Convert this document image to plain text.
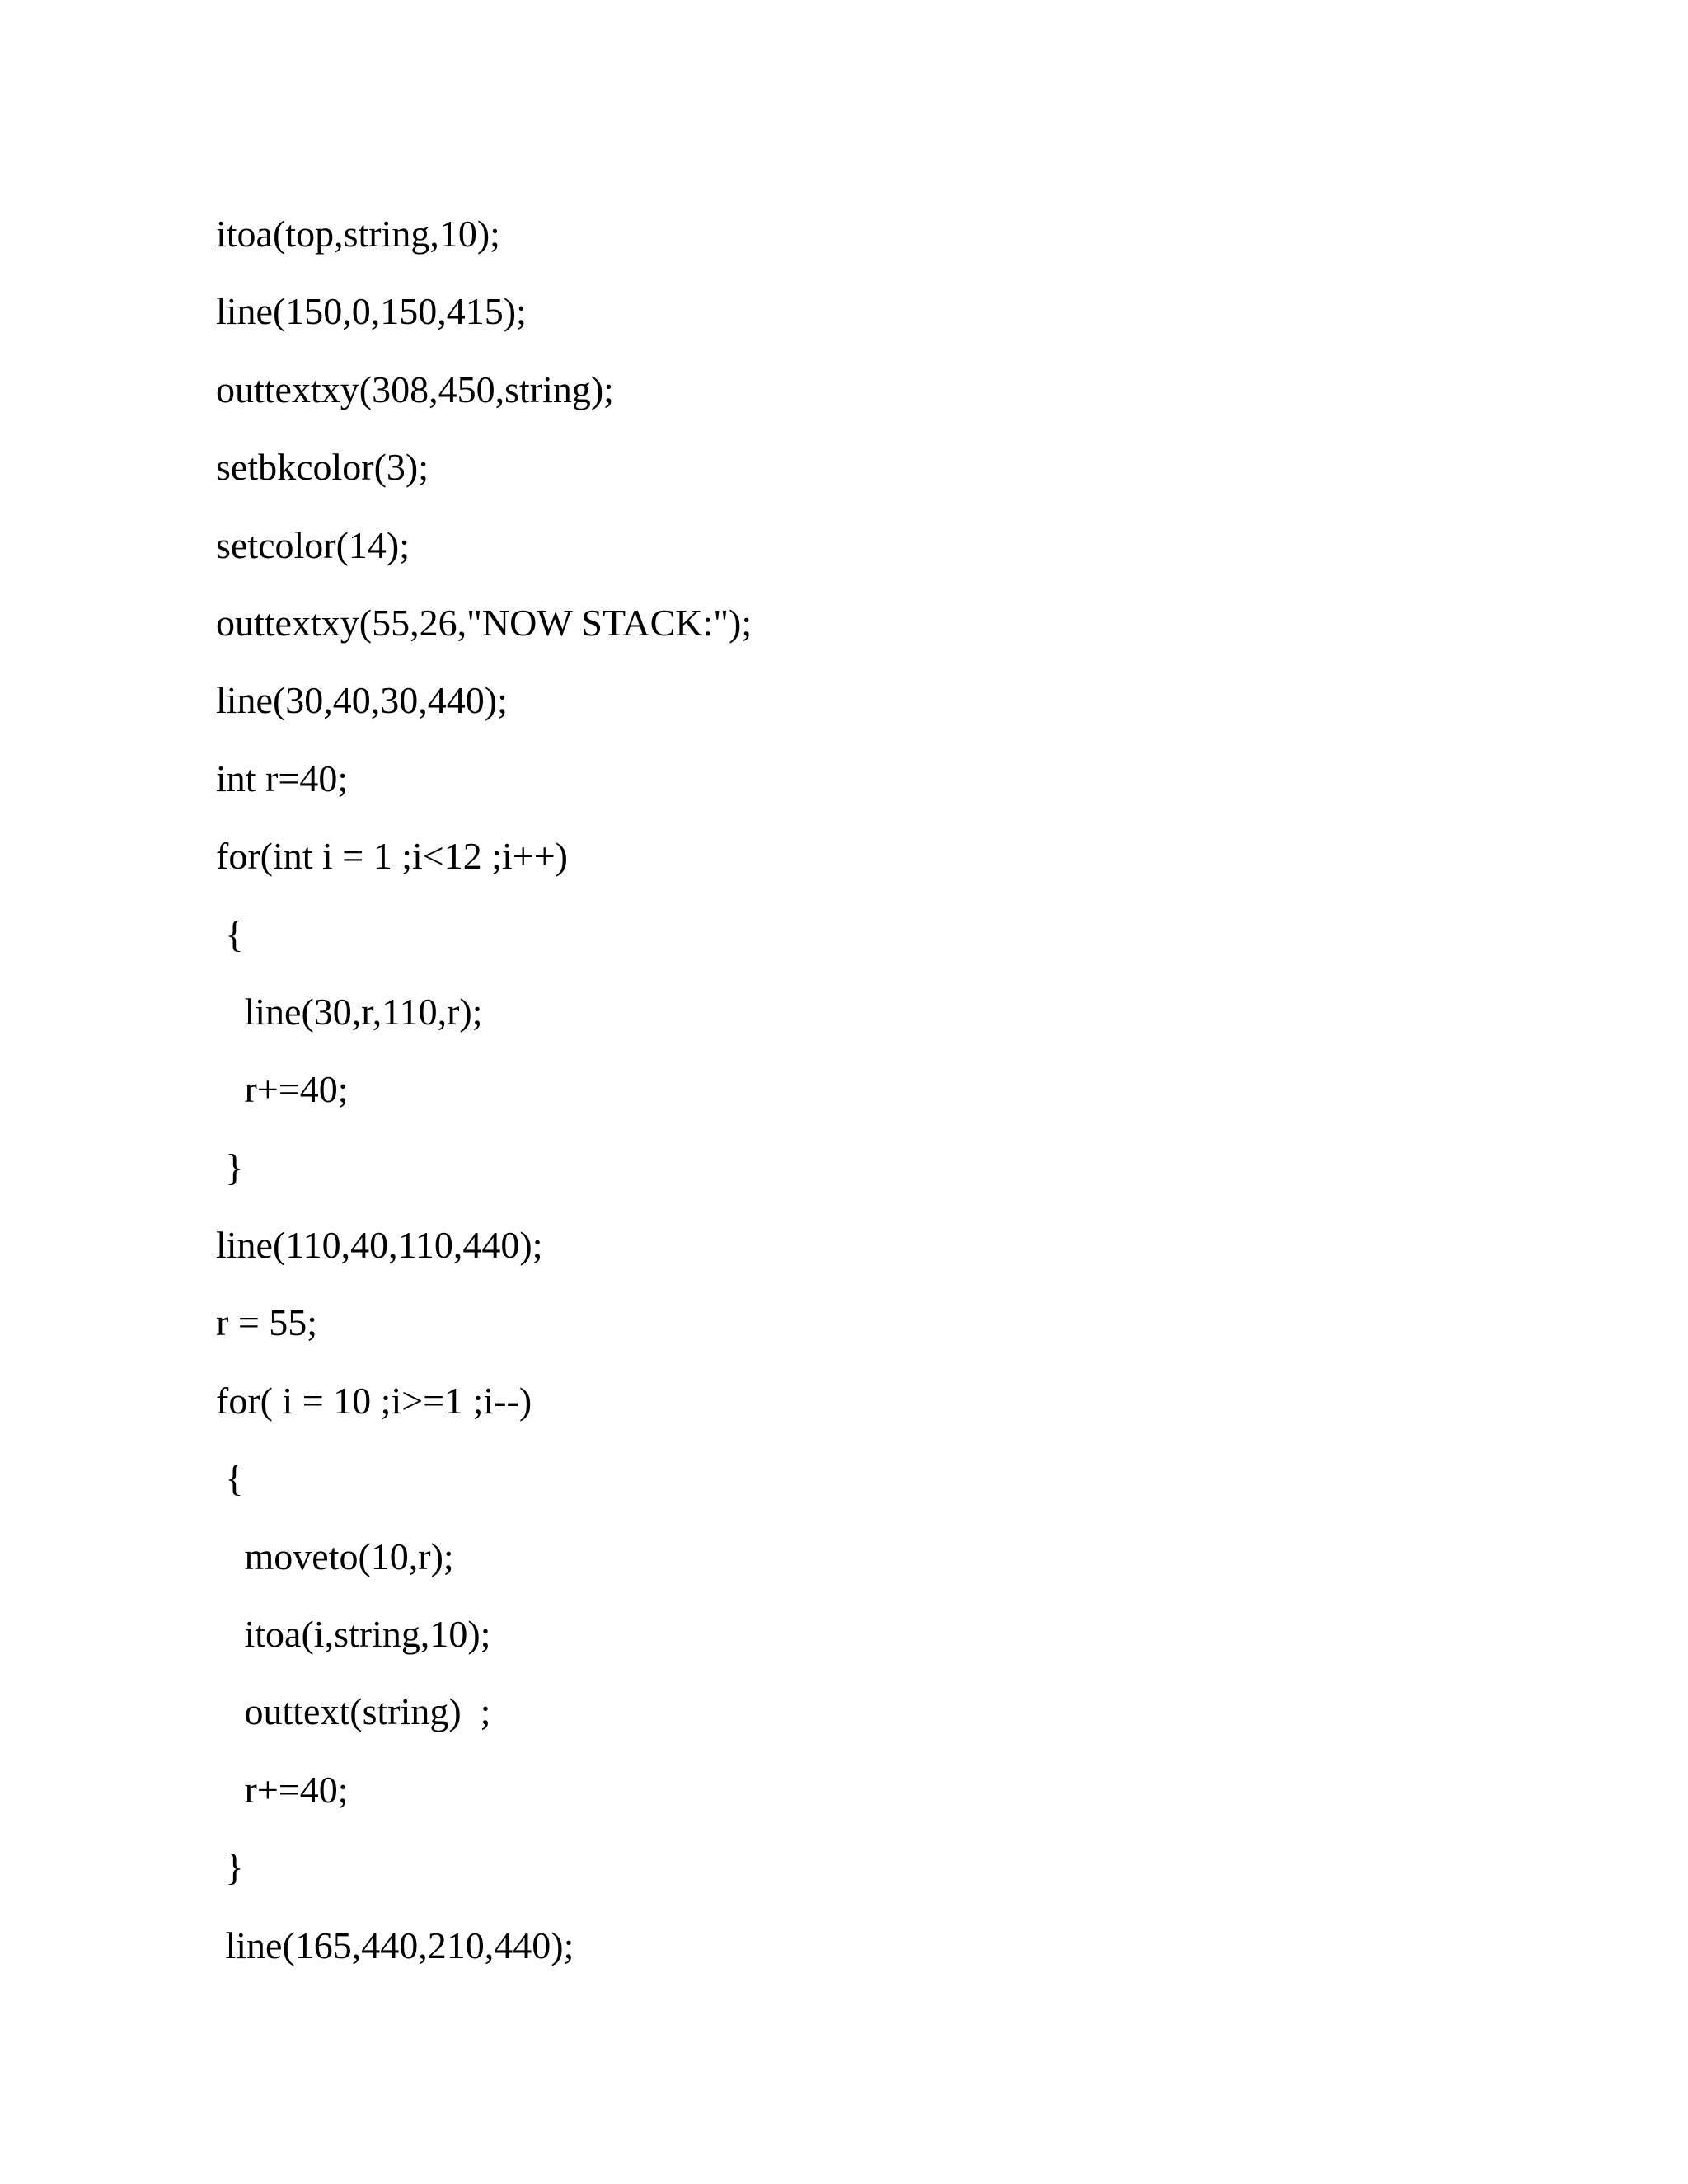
itoa(top,string,10);
line(150,0,150,415);
outtextxy(308,450,string);
setbkcolor(3);
setcolor(14);
outtextxy(55,26,"NOW STACK:");
line(30,40,30,440);
int r=40;
for(int i = 1 ;i<12 ;i++)
{
line(30,r,110,r);
r+=40;
}
line(110,40,110,440);
r = 55;
for( i = 10 ;i>=1 ;i--)
{
moveto(10,r);
itoa(i,string,10);
outtext(string)  ;
r+=40;
}
line(165,440,210,440);
